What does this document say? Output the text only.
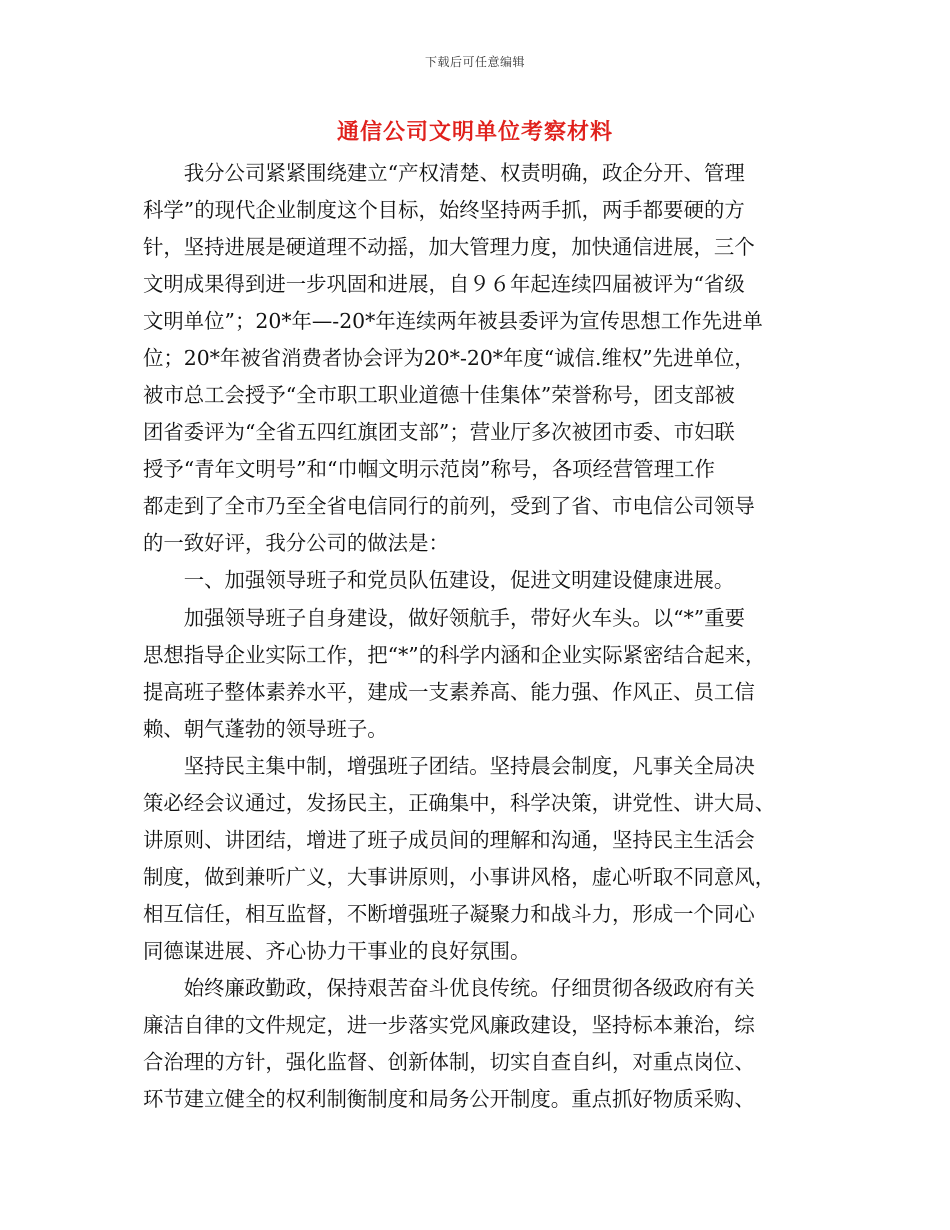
下载后可任意编辑
通信公司文明单位考察材料
　　我分公司紧紧围绕建立“产权清楚、权责明确，政企分开、管理
科学”的现代企业制度这个目标，始终坚持两手抓，两手都要硬的方
针，坚持进展是硬道理不动摇，加大管理力度，加快通信进展，三个
文明成果得到进一步巩固和进展，自９６年起连续四届被评为“省级
文明单位”；20*年—-20*年连续两年被县委评为宣传思想工作先进单
位；20*年被省消费者协会评为20*-20*年度“诚信.维权”先进单位，
被市总工会授予“全市职工职业道德十佳集体”荣誉称号，团支部被
团省委评为“全省五四红旗团支部”；营业厅多次被团市委、市妇联
授予“青年文明号”和“巾帼文明示范岗”称号，各项经营管理工作
都走到了全市乃至全省电信同行的前列，受到了省、市电信公司领导
的一致好评，我分公司的做法是：
　　一、加强领导班子和党员队伍建设，促进文明建设健康进展。
　　加强领导班子自身建设，做好领航手，带好火车头。以“*”重要
思想指导企业实际工作，把“*”的科学内涵和企业实际紧密结合起来，
提高班子整体素养水平，建成一支素养高、能力强、作风正、员工信
赖、朝气蓬勃的领导班子。
　　坚持民主集中制，增强班子团结。坚持晨会制度，凡事关全局决
策必经会议通过，发扬民主，正确集中，科学决策，讲党性、讲大局、
讲原则、讲团结，增进了班子成员间的理解和沟通，坚持民主生活会
制度，做到兼听广义，大事讲原则，小事讲风格，虚心听取不同意风，
相互信任，相互监督，不断增强班子凝聚力和战斗力，形成一个同心
同德谋进展、齐心协力干事业的良好氛围。
　　始终廉政勤政，保持艰苦奋斗优良传统。仔细贯彻各级政府有关
廉洁自律的文件规定，进一步落实党风廉政建设，坚持标本兼治，综
合治理的方针，强化监督、创新体制，切实自查自纠，对重点岗位、
环节建立健全的权利制衡制度和局务公开制度。重点抓好物质采购、
